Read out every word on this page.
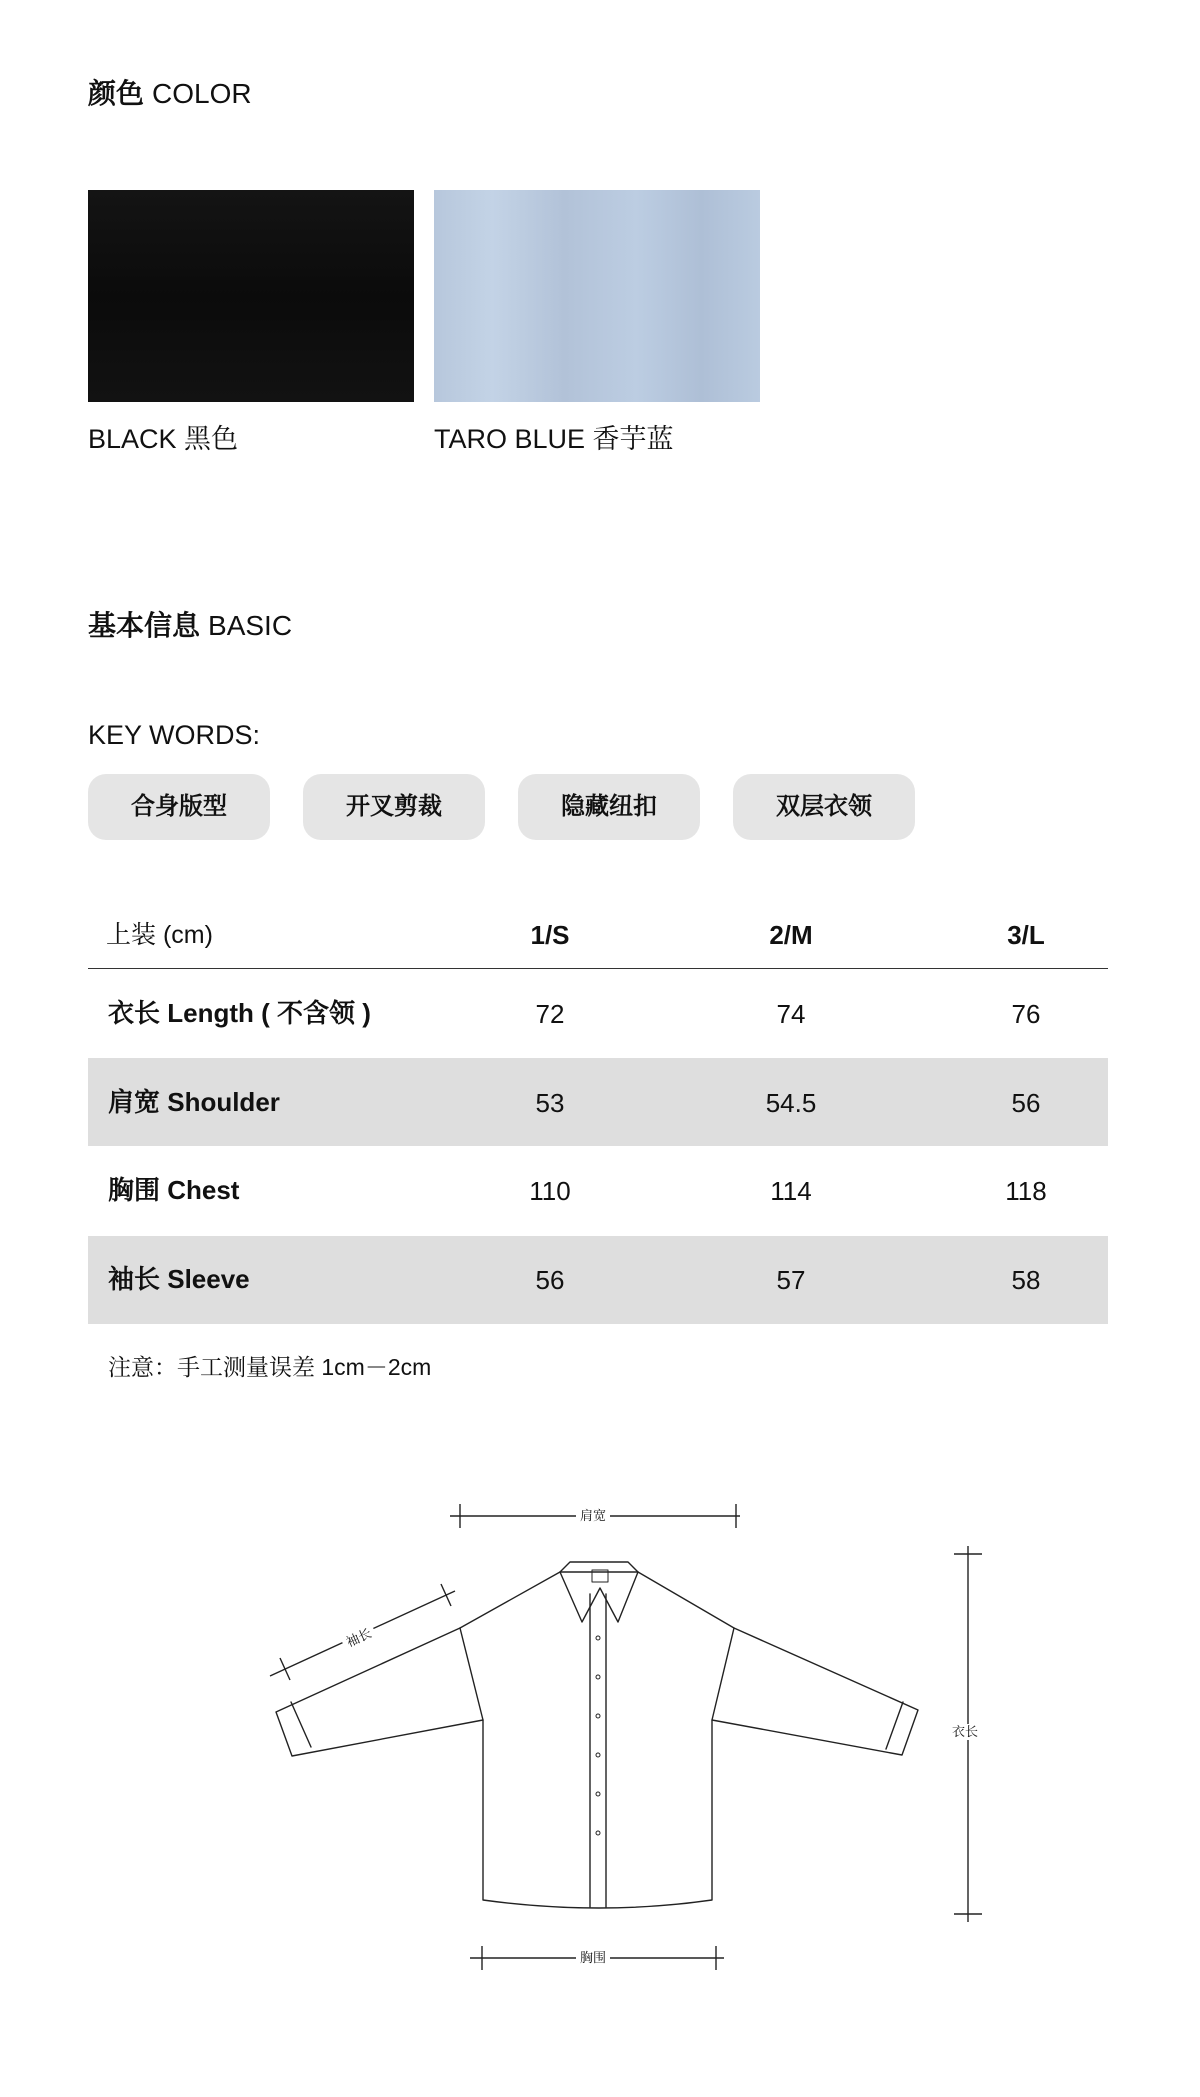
颜色 COLOR
BLACK 黑色	TARO BLUE 香芋蓝
基本信息 BASIC
KEY WORDS:
合身版型	开叉剪裁	隐藏纽扣	双层衣领
上装 (cm)	1/S	2/M	3/L
衣长 Length ( 不含领 )	72	74	76
肩宽 Shoulder	53	54.5	56
胸围 Chest	110	114	118
袖长 Sleeve	56	57	58
注意：手工测量误差 1cm－2cm
肩宽
袖长
衣长
胸围
